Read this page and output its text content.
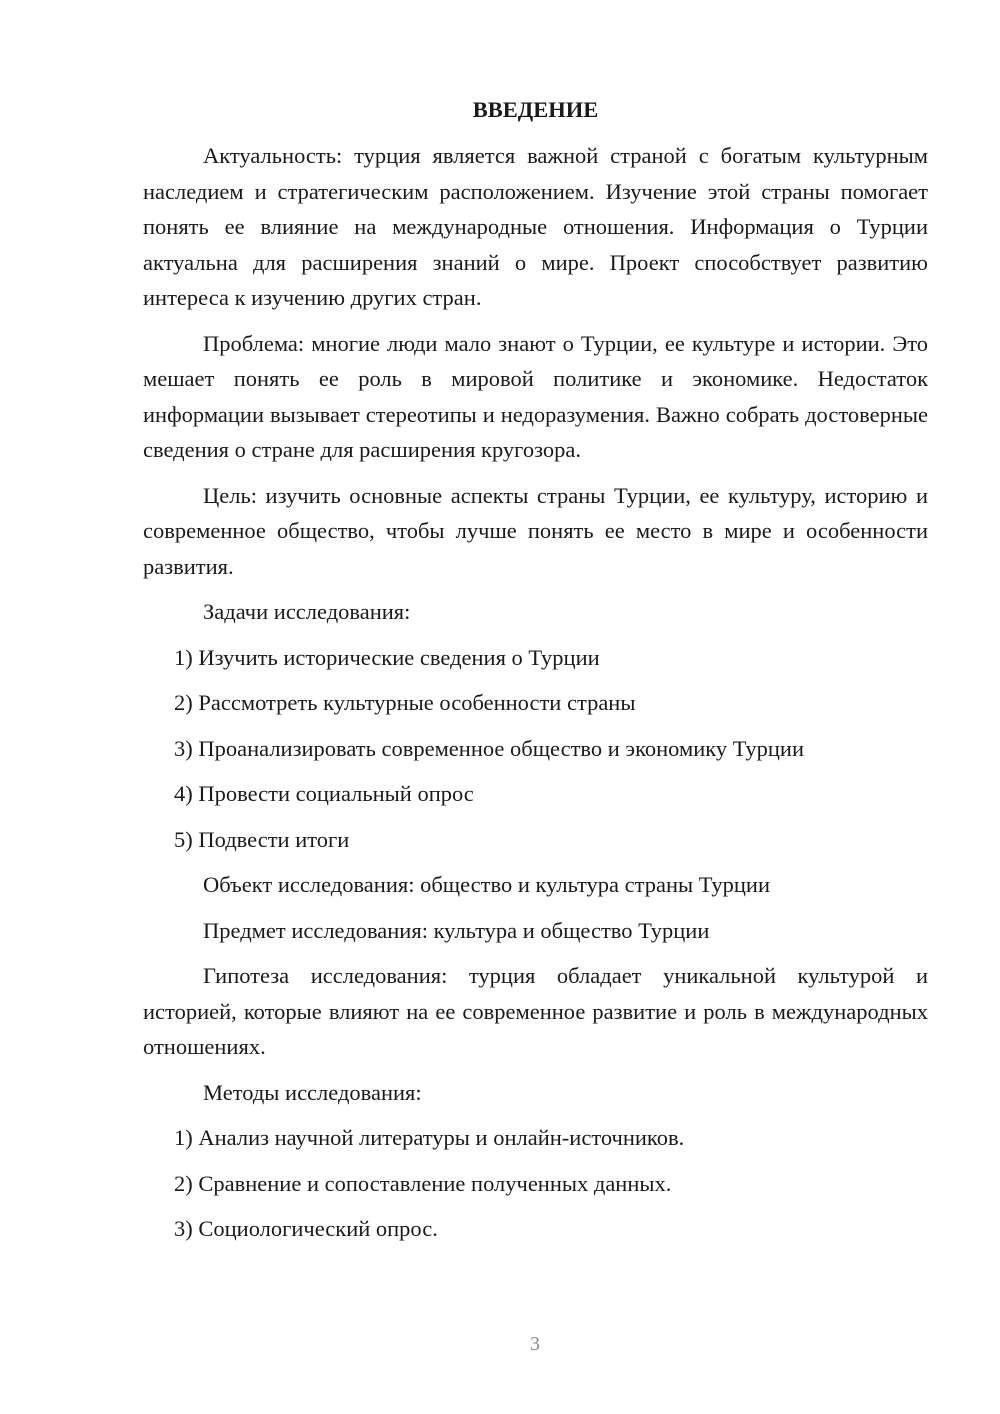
ВВЕДЕНИЕ

Актуальность: турция является важной страной с богатым культурным наследием и стратегическим расположением. Изучение этой страны помогает понять ее влияние на международные отношения. Информация о Турции актуальна для расширения знаний о мире. Проект способствует развитию интереса к изучению других стран.

Проблема: многие люди мало знают о Турции, ее культуре и истории. Это мешает понять ее роль в мировой политике и экономике. Недостаток информации вызывает стереотипы и недоразумения. Важно собрать достоверные сведения о стране для расширения кругозора.

Цель: изучить основные аспекты страны Турции, ее культуру, историю и современное общество, чтобы лучше понять ее место в мире и особенности развития.

Задачи исследования:

1) Изучить исторические сведения о Турции

2) Рассмотреть культурные особенности страны

3) Проанализировать современное общество и экономику Турции

4) Провести социальный опрос

5) Подвести итоги

Объект исследования: общество и культура страны Турции

Предмет исследования: культура и общество Турции

Гипотеза исследования: турция обладает уникальной культурой и историей, которые влияют на ее современное развитие и роль в международных отношениях.

Методы исследования:

1) Анализ научной литературы и онлайн-источников.

2) Сравнение и сопоставление полученных данных.

3) Социологический опрос.

3
